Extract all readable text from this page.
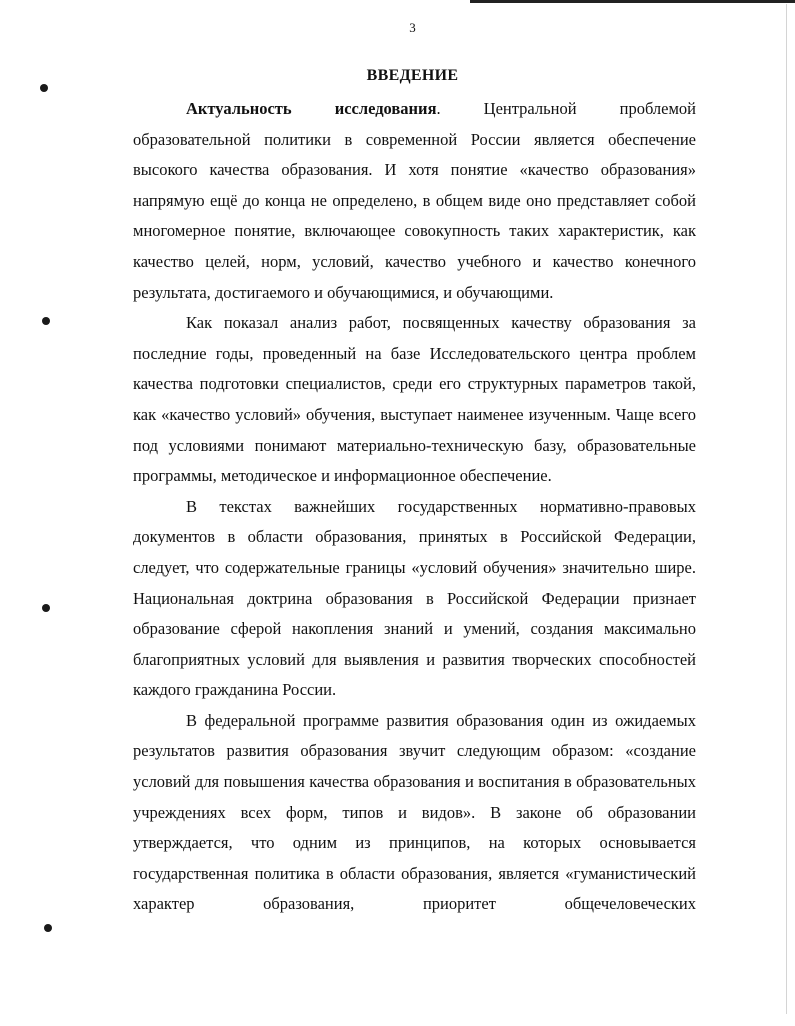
3
ВВЕДЕНИЕ

Актуальность исследования. Центральной проблемой образовательной политики в современной России является обеспечение высокого качества образования. И хотя понятие «качество образования» напрямую ещё до конца не определено, в общем виде оно представляет собой многомерное понятие, включающее совокупность таких характеристик, как качество целей, норм, условий, качество учебного и качество конечного результата, достигаемого и обучающимися, и обучающими.

Как показал анализ работ, посвященных качеству образования за последние годы, проведенный на базе Исследовательского центра проблем качества подготовки специалистов, среди его структурных параметров такой, как «качество условий» обучения, выступает наименее изученным. Чаще всего под условиями понимают материально-техническую базу, образовательные программы, методическое и информационное обеспечение.

В текстах важнейших государственных нормативно-правовых документов в области образования, принятых в Российской Федерации, следует, что содержательные границы «условий обучения» значительно шире. Национальная доктрина образования в Российской Федерации признает образование сферой накопления знаний и умений, создания максимально благоприятных условий для выявления и развития творческих способностей каждого гражданина России.

В федеральной программе развития образования один из ожидаемых результатов развития образования звучит следующим образом: «создание условий для повышения качества образования и воспитания в образовательных учреждениях всех форм, типов и видов». В законе об образовании утверждается, что одним из принципов, на которых основывается государственная политика в области образования, является «гуманистический характер образования, приоритет общечеловеческих
